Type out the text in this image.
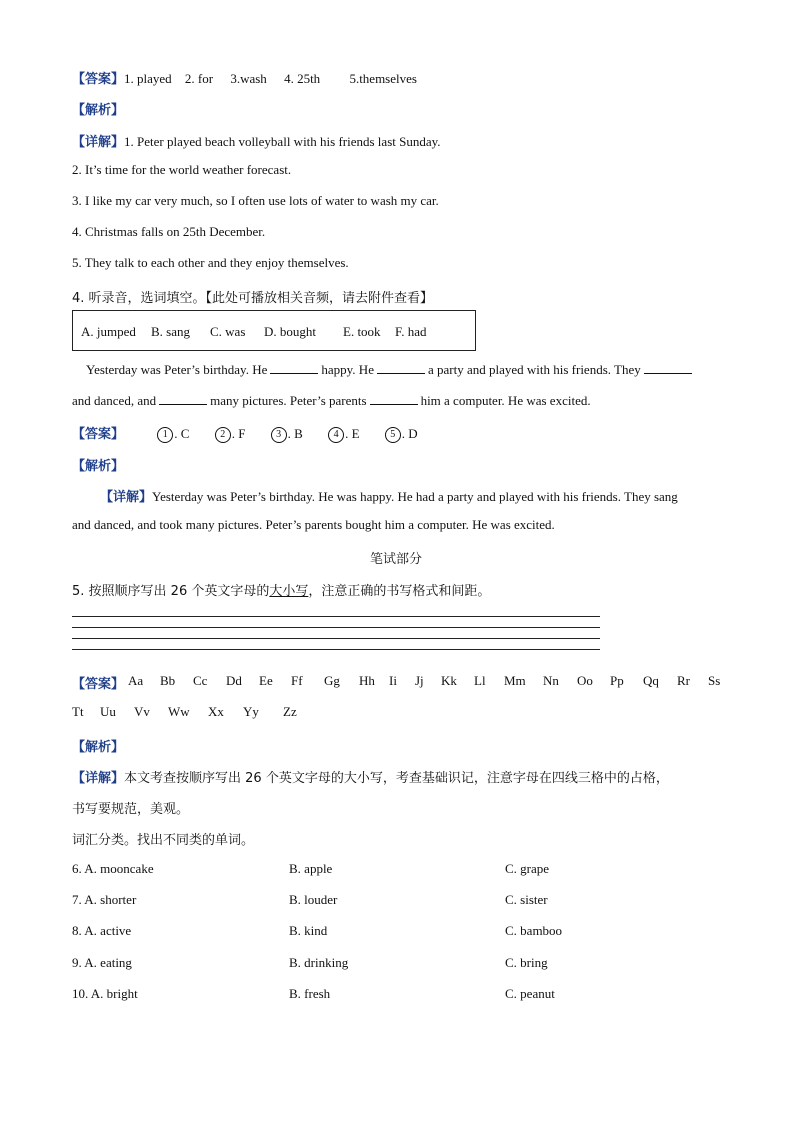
【答案】1. played 2. for 3.wash 4. 25th 5.themselves
【解析】
【详解】1. Peter played beach volleyball with his friends last Sunday.
2. It’s time for the world weather forecast.
3. I like my car very much, so I often use lots of water to wash my car.
4. Christmas falls on 25th December.
5. They talk to each other and they enjoy themselves.
4. 听录音，选词填空。【此处可播放相关音频，请去附件查看】
A. jumped B. sang C. was D. bought E. took F. had
Yesterday was Peter’s birthday. He	happy. He	a party and played with his friends. They
and danced, and	many pictures. Peter’s parents	him a computer. He was excited.
【答案】	1 . C	2 . F	3 . B	4 . E	5 . D
【解析】
【详解】Yesterday was Peter’s birthday. He was happy. He had a party and played with his friends. They sang
and danced, and took many pictures. Peter’s parents bought him a computer. He was excited.
笔试部分
5. 按照顺序写出 26 个英文字母的大小写，注意正确的书写格式和间距。
【答案】 Aa Bb Cc Dd Ee Ff Gg Hh Ii Jj Kk Ll Mm Nn Oo Pp Qq Rr Ss
Tt Uu Vv Ww Xx Yy Zz
【解析】
【详解】本文考查按顺序写出 26 个英文字母的大小写，考查基础识记，注意字母在四线三格中的占格，
书写要规范，美观。
词汇分类。找出不同类的单词。
6. A. mooncake	B. apple	C. grape
7. A. shorter	B. louder	C. sister
8. A. active	B. kind	C. bamboo
9. A. eating	B. drinking	C. bring
10. A. bright	B. fresh	C. peanut
